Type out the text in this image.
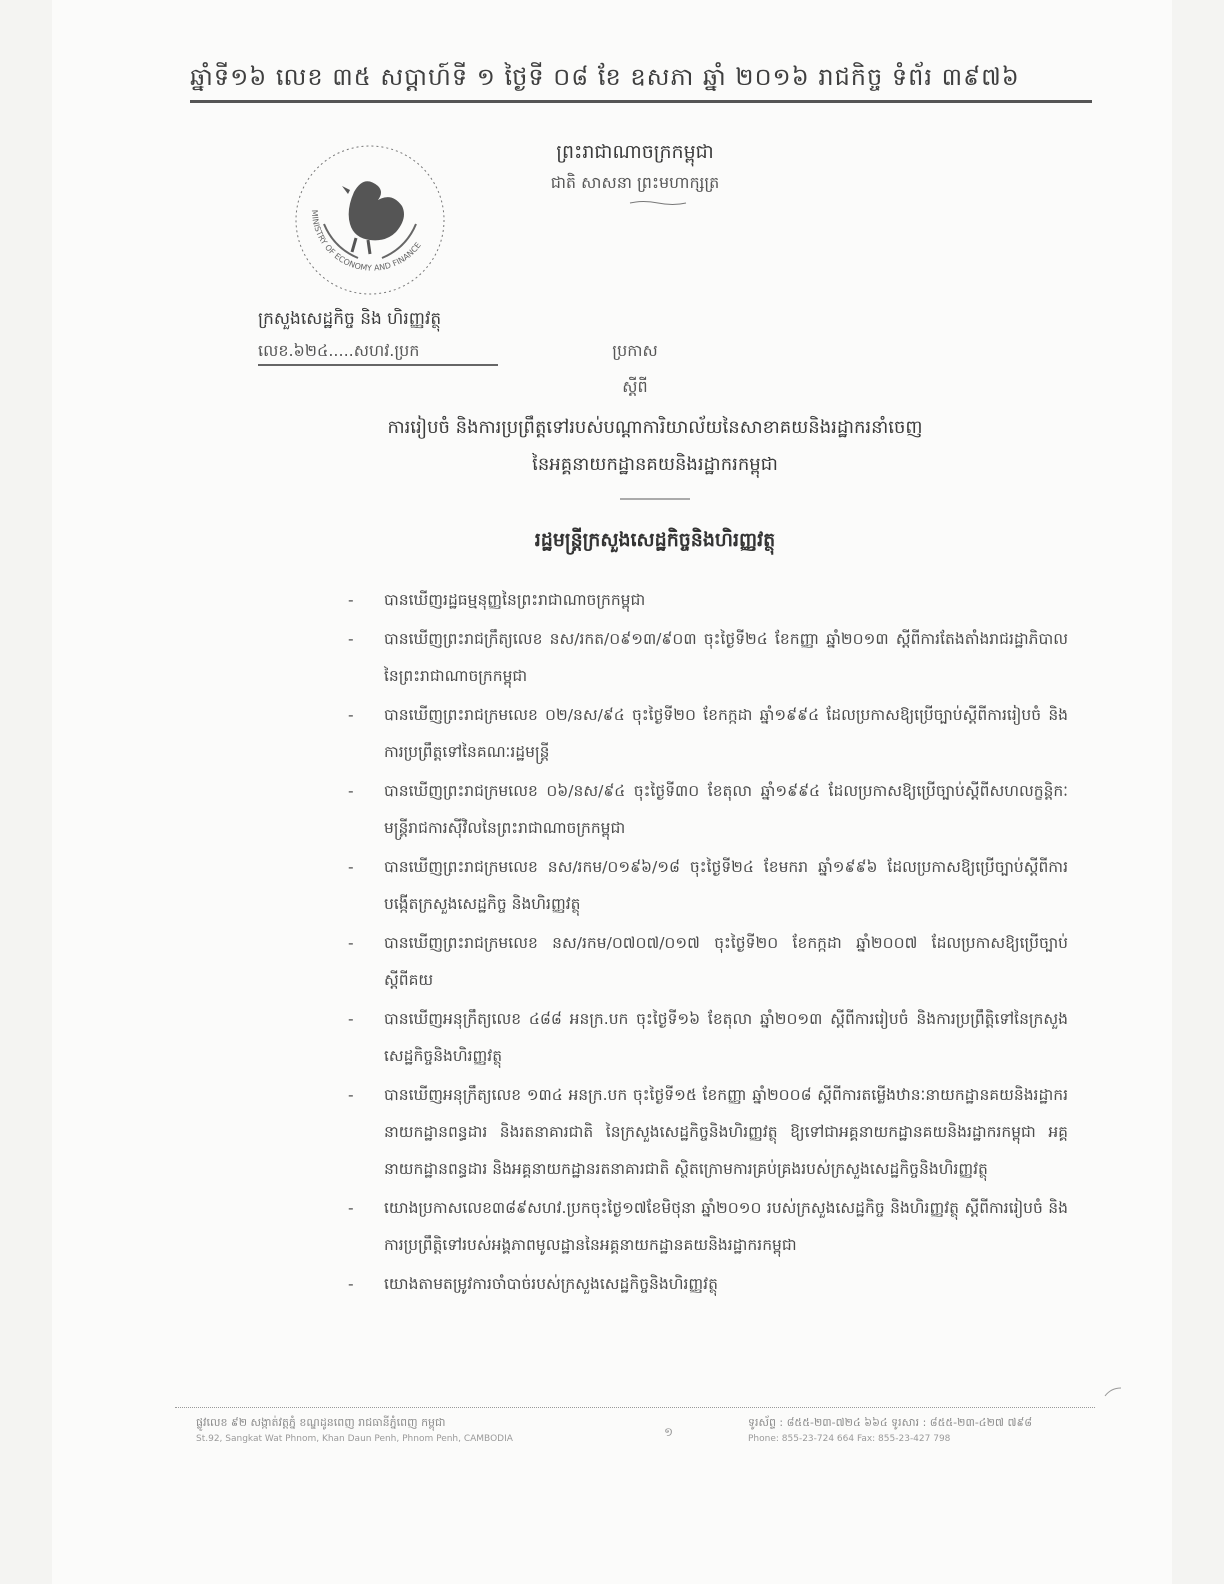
ឆ្នាំទី១៦ លេខ ៣៥ សប្តាហ៍ទី ១ ថ្ងៃទី ០៨ ខែ ឧសភា ឆ្នាំ ២០១៦ រាជកិច្ច ទំព័រ ៣៩៧៦
ព្រះរាជាណាចក្រកម្ពុជា
ជាតិ សាសនា ព្រះមហាក្សត្រ
MINISTRY OF ECONOMY AND FINANCE
ក្រសួងសេដ្ឋកិច្ច និង ហិរញ្ញវត្ថុ
លេខ.៦២៤.....សហវ.ប្រក	ប្រកាស
ស្តីពី
ការរៀបចំ និងការប្រព្រឹត្តទៅរបស់បណ្តាការិយាល័យនៃសាខាគយនិងរដ្ឋាករនាំចេញ
នៃអគ្គនាយកដ្ឋានគយនិងរដ្ឋាករកម្ពុជា
រដ្ឋមន្រ្តីក្រសួងសេដ្ឋកិច្ចនិងហិរញ្ញវត្ថុ
- បានឃើញរដ្ឋធម្មនុញ្ញនៃព្រះរាជាណាចក្រកម្ពុជា
- បានឃើញព្រះរាជក្រឹត្យលេខ នស/រកត/០៩១៣/៩០៣ ចុះថ្ងៃទី២៤ ខែកញ្ញា ឆ្នាំ២០១៣ ស្តីពីការតែងតាំងរាជរដ្ឋាភិបាលនៃព្រះរាជាណាចក្រកម្ពុជា
- បានឃើញព្រះរាជក្រមលេខ ០២/នស/៩៤ ចុះថ្ងៃទី២០ ខែកក្កដា ឆ្នាំ១៩៩៤ ដែលប្រកាសឱ្យប្រើច្បាប់ស្តីពីការរៀបចំ និងការប្រព្រឹត្តទៅនៃគណៈរដ្ឋមន្ត្រី
- បានឃើញព្រះរាជក្រមលេខ ០៦/នស/៩៤ ចុះថ្ងៃទី៣០ ខែតុលា ឆ្នាំ១៩៩៤ ដែលប្រកាសឱ្យប្រើច្បាប់ស្តីពីសហលក្ខន្តិកៈមន្ត្រីរាជការស៊ីវិលនៃព្រះរាជាណាចក្រកម្ពុជា
- បានឃើញព្រះរាជក្រមលេខ នស/រកម/០១៩៦/១៨ ចុះថ្ងៃទី២៤ ខែមករា ឆ្នាំ១៩៩៦ ដែលប្រកាសឱ្យប្រើច្បាប់ស្តីពីការបង្កើតក្រសួងសេដ្ឋកិច្ច និងហិរញ្ញវត្ថុ
- បានឃើញព្រះរាជក្រមលេខ នស/រកម/០៧០៧/០១៧ ចុះថ្ងៃទី២០ ខែកក្កដា ឆ្នាំ២០០៧ ដែលប្រកាសឱ្យប្រើច្បាប់ស្តីពីគយ
- បានឃើញអនុក្រឹត្យលេខ ៤៨៨ អនក្រ.បក ចុះថ្ងៃទី១៦ ខែតុលា ឆ្នាំ២០១៣ ស្តីពីការរៀបចំ និងការប្រព្រឹត្តិទៅនៃក្រសួងសេដ្ឋកិច្ចនិងហិរញ្ញវត្ថុ
- បានឃើញអនុក្រឹត្យលេខ ១៣៤ អនក្រ.បក ចុះថ្ងៃទី១៥ ខែកញ្ញា ឆ្នាំ២០០៨ ស្តីពីការតម្លើងឋានៈនាយកដ្ឋានគយនិងរដ្ឋាករ នាយកដ្ឋានពន្ធដារ និងរតនាគារជាតិ នៃក្រសួងសេដ្ឋកិច្ចនិងហិរញ្ញវត្ថុ ឱ្យទៅជាអគ្គនាយកដ្ឋានគយនិងរដ្ឋាករកម្ពុជា អគ្គនាយកដ្ឋានពន្ធដារ និងអគ្គនាយកដ្ឋានរតនាគារជាតិ ស្ថិតក្រោមការគ្រប់គ្រងរបស់ក្រសួងសេដ្ឋកិច្ចនិងហិរញ្ញវត្ថុ
- យោងប្រកាសលេខ៣៨៩សហវ.ប្រកចុះថ្ងៃ១៧ខែមិថុនា ឆ្នាំ២០១០ របស់ក្រសួងសេដ្ឋកិច្ច និងហិរញ្ញវត្ថុ ស្តីពីការរៀបចំ និងការប្រព្រឹត្តិទៅរបស់អង្គភាពមូលដ្ឋាននៃអគ្គនាយកដ្ឋានគយនិងរដ្ឋាករកម្ពុជា
- យោងតាមតម្រូវការចាំបាច់របស់ក្រសួងសេដ្ឋកិច្ចនិងហិរញ្ញវត្ថុ
ផ្លូវលេខ ៩២ សង្កាត់វត្តភ្នំ ខណ្ឌដូនពេញ រាជធានីភ្នំពេញ កម្ពុជា
St.92, Sangkat Wat Phnom, Khan Daun Penh, Phnom Penh, CAMBODIA	១
ទូរស័ព្ទ : ៨៥៥-២៣-៧២៤ ៦៦៤ ទូរសារ : ៨៥៥-២៣-៤២៧ ៧៩៨
Phone: 855-23-724 664 Fax: 855-23-427 798
